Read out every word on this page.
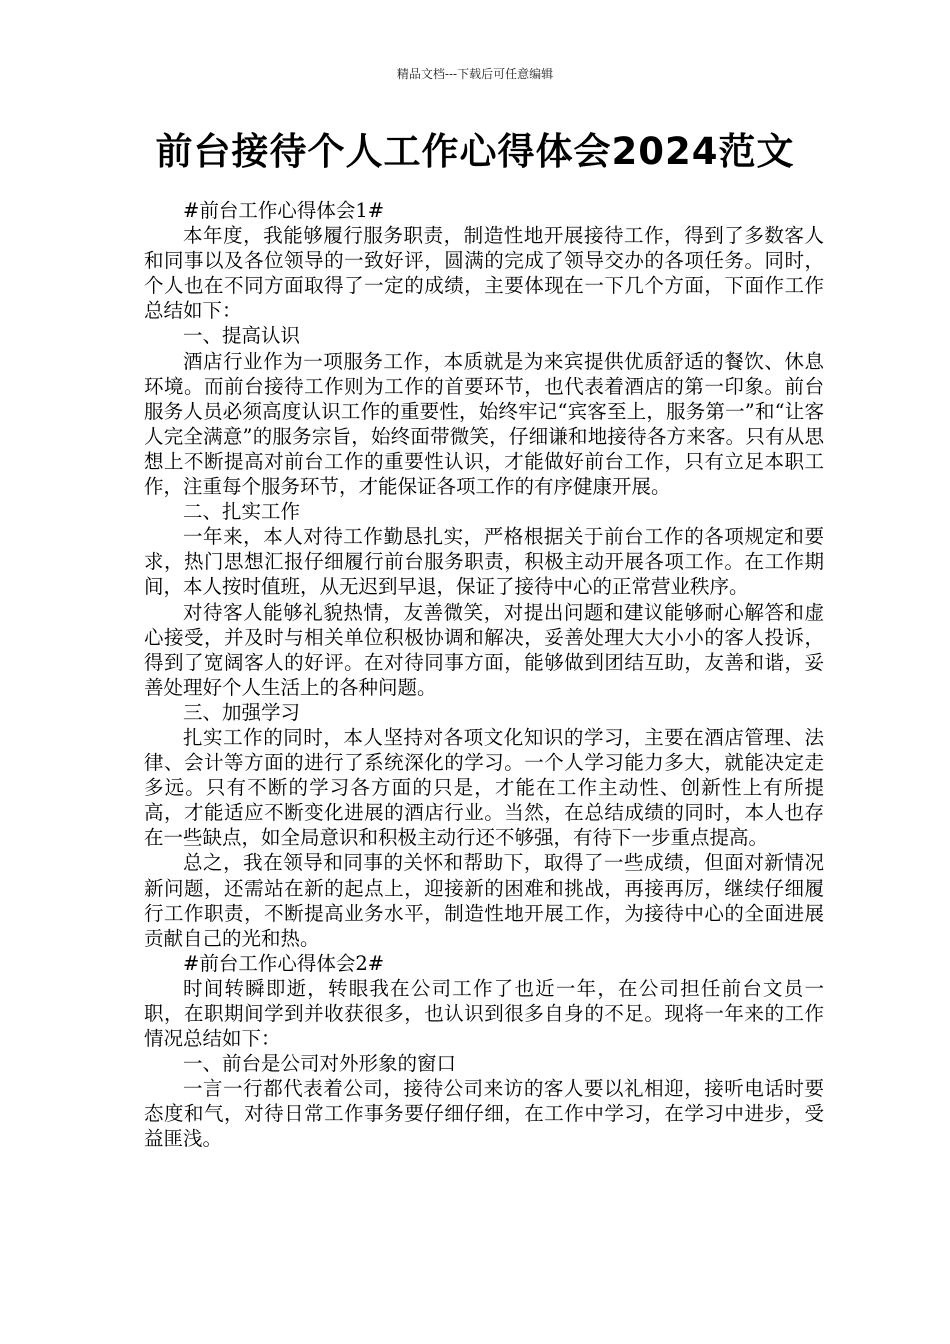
精品文档---下载后可任意编辑
前台接待个人工作心得体会2024范文

#前台工作心得体会1#

本年度，我能够履行服务职责，制造性地开展接待工作，得到了多数客人和同事以及各位领导的一致好评，圆满的完成了领导交办的各项任务。同时，个人也在不同方面取得了一定的成绩，主要体现在一下几个方面，下面作工作总结如下：

一、提高认识

酒店行业作为一项服务工作，本质就是为来宾提供优质舒适的餐饮、休息环境。而前台接待工作则为工作的首要环节，也代表着酒店的第一印象。前台服务人员必须高度认识工作的重要性，始终牢记“宾客至上，服务第一”和“让客人完全满意”的服务宗旨，始终面带微笑，仔细谦和地接待各方来客。只有从思想上不断提高对前台工作的重要性认识，才能做好前台工作，只有立足本职工作，注重每个服务环节，才能保证各项工作的有序健康开展。

二、扎实工作

一年来，本人对待工作勤恳扎实，严格根据关于前台工作的各项规定和要求，热门思想汇报仔细履行前台服务职责，积极主动开展各项工作。在工作期间，本人按时值班，从无迟到早退，保证了接待中心的正常营业秩序。

对待客人能够礼貌热情，友善微笑，对提出问题和建议能够耐心解答和虚心接受，并及时与相关单位积极协调和解决，妥善处理大大小小的客人投诉，得到了宽阔客人的好评。在对待同事方面，能够做到团结互助，友善和谐，妥善处理好个人生活上的各种问题。

三、加强学习

扎实工作的同时，本人坚持对各项文化知识的学习，主要在酒店管理、法律、会计等方面的进行了系统深化的学习。一个人学习能力多大，就能决定走多远。只有不断的学习各方面的只是，才能在工作主动性、创新性上有所提高，才能适应不断变化进展的酒店行业。当然，在总结成绩的同时，本人也存在一些缺点，如全局意识和积极主动行还不够强，有待下一步重点提高。

总之，我在领导和同事的关怀和帮助下，取得了一些成绩，但面对新情况新问题，还需站在新的起点上，迎接新的困难和挑战，再接再厉，继续仔细履行工作职责，不断提高业务水平，制造性地开展工作，为接待中心的全面进展贡献自己的光和热。

#前台工作心得体会2#

时间转瞬即逝，转眼我在公司工作了也近一年，在公司担任前台文员一职，在职期间学到并收获很多，也认识到很多自身的不足。现将一年来的工作情况总结如下：

一、前台是公司对外形象的窗口

一言一行都代表着公司，接待公司来访的客人要以礼相迎，接听电话时要态度和气，对待日常工作事务要仔细仔细，在工作中学习，在学习中进步，受益匪浅。
